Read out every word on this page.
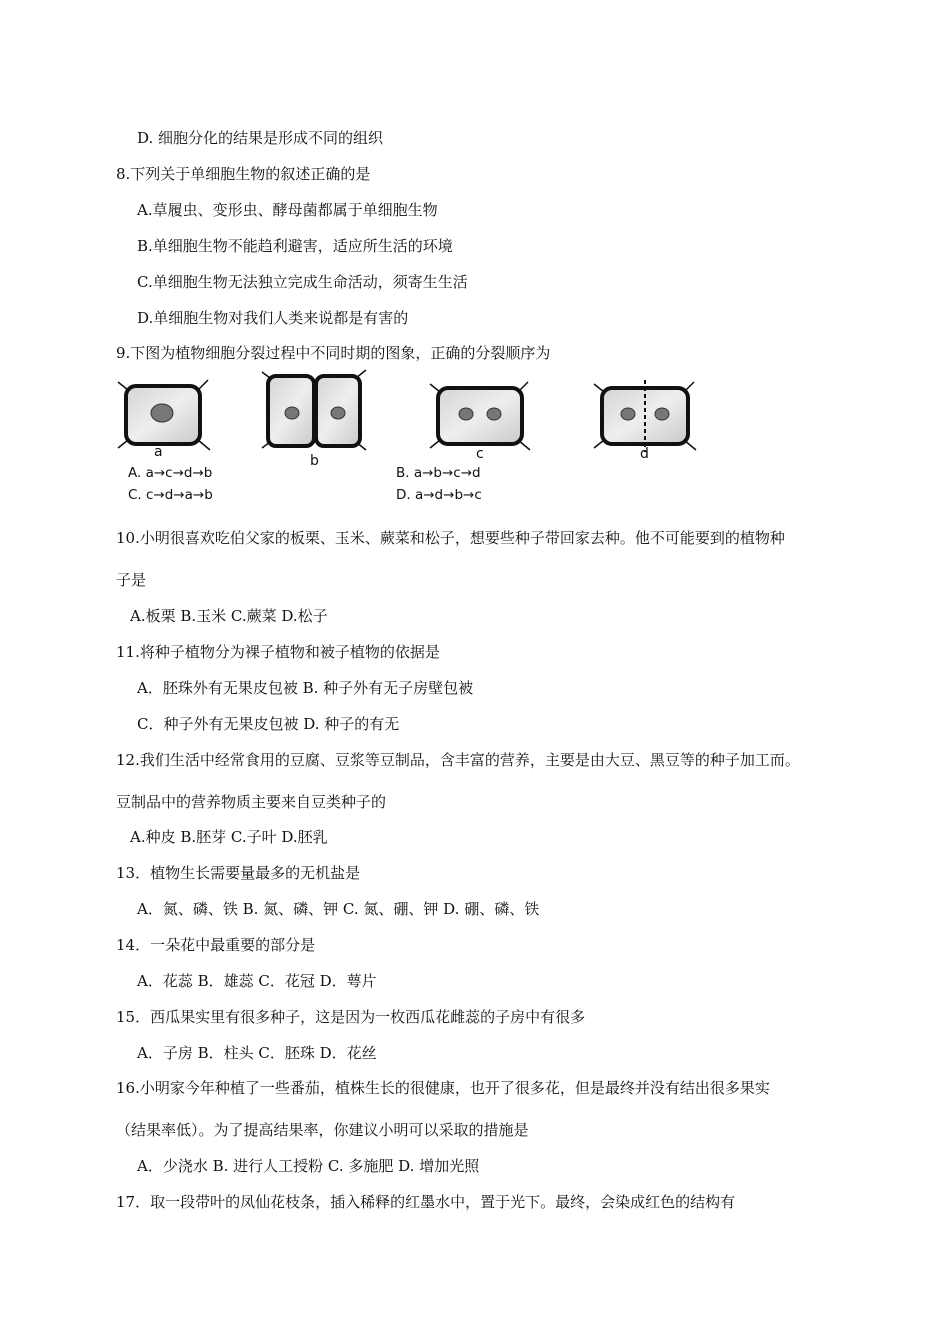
D. 细胞分化的结果是形成不同的组织
8.下列关于单细胞生物的叙述正确的是
A.草履虫、变形虫、酵母菌都属于单细胞生物
B.单细胞生物不能趋利避害，适应所生活的环境
C.单细胞生物无法独立完成生命活动，须寄生生活
D.单细胞生物对我们人类来说都是有害的
9.下图为植物细胞分裂过程中不同时期的图象，正确的分裂顺序为
a
b	c	d
A. a→c→d→b
C. c→d→a→b
B. a→b→c→d
D. a→d→b→c
10.小明很喜欢吃伯父家的板栗、玉米、蕨菜和松子，想要些种子带回家去种。他不可能要到的植物种
子是
A.板栗 B.玉米 C.蕨菜 D.松子
11.将种子植物分为裸子植物和被子植物的依据是
A．胚珠外有无果皮包被 B. 种子外有无子房壁包被
C．种子外有无果皮包被 D. 种子的有无
12.我们生活中经常食用的豆腐、豆浆等豆制品，含丰富的营养，主要是由大豆、黑豆等的种子加工而。
豆制品中的营养物质主要来自豆类种子的
A.种皮 B.胚芽 C.子叶 D.胚乳
13．植物生长需要量最多的无机盐是
A．氮、磷、铁 B. 氮、磷、钾 C. 氮、硼、钾 D. 硼、磷、铁
14．一朵花中最重要的部分是
A．花蕊 B．雄蕊 C．花冠 D．萼片
15．西瓜果实里有很多种子，这是因为一枚西瓜花雌蕊的子房中有很多
A．子房 B．柱头 C．胚珠 D．花丝
16.小明家今年种植了一些番茄，植株生长的很健康，也开了很多花，但是最终并没有结出很多果实
（结果率低）。为了提高结果率，你建议小明可以采取的措施是
A．少浇水 B. 进行人工授粉 C. 多施肥 D. 增加光照
17．取一段带叶的凤仙花枝条，插入稀释的红墨水中，置于光下。最终，会染成红色的结构有
